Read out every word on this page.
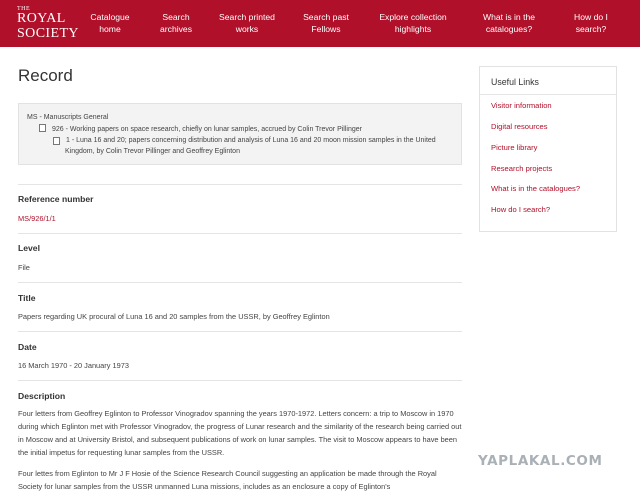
THE
ROYAL
SOCIETY
Catalogue
home
Search
archives
Search printed
works
Search past
Fellows
Explore collection
highlights
What is in the
catalogues?
How do I
search?
Record
MS - Manuscripts General
926 - Working papers on space research, chiefly on lunar samples, accrued by Colin Trevor Pillinger
1 - Luna 16 and 20; papers concerning distribution and analysis of Luna 16 and 20 moon mission samples in the United Kingdom, by Colin Trevor Pillinger and Geoffrey Eglinton
Reference number
MS/926/1/1
Level
File
Title
Papers regarding UK procural of Luna 16 and 20 samples from the USSR, by Geoffrey Eglinton
Date
16 March 1970 - 20 January 1973
Description

Four letters from Geoffrey Eglinton to Professor Vinogradov spanning the years 1970-1972. Letters concern: a trip to Moscow in 1970 during which Eglinton met with Professor Vinogradov, the progress of Lunar research and the similarity of the research being carried out in Moscow and at University Bristol, and subsequent publications of work on lunar samples. The visit to Moscow appears to have been the initial impetus for requesting lunar samples from the USSR.

Four lettes from Eglinton to Mr J F Hosie of the Science Research Council suggesting an application be made through the Royal Society for lunar samples from the USSR unmanned Luna missions, includes as an enclosure a copy of Eglinton's

Useful Links
Visitor information
Digital resources
Picture library
Research projects
What is in the catalogues?
How do I search?
YAPLAKAL.COM
